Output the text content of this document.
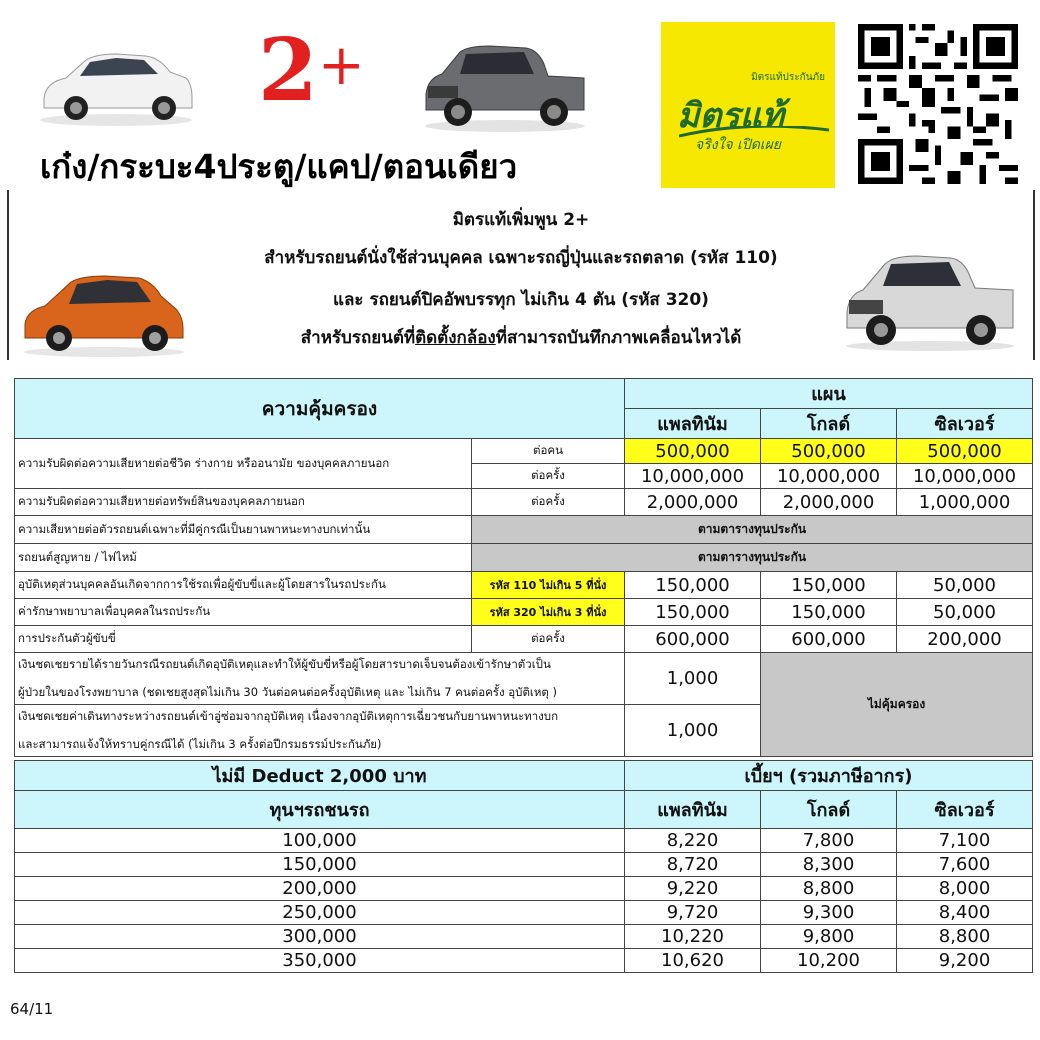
2+
เก๋ง/กระบะ4ประตู/แคป/ตอนเดียว
มิตรแท้ประกันภัย
มิตรแท้
จริงใจ เปิดเผย
มิตรแท้เพิ่มพูน 2+
สำหรับรถยนต์นั่งใช้ส่วนบุคคล เฉพาะรถญี่ปุ่นและรถตลาด (รหัส 110)
และ รถยนต์ปิคอัพบรรทุก ไม่เกิน 4 ตัน (รหัส 320)
สำหรับรถยนต์ที่ติดตั้งกล้องที่สามารถบันทึกภาพเคลื่อนไหวได้
ความคุ้มครอง		แผน		
		แพลทินัม	โกลด์	ซิลเวอร์
ความรับผิดต่อความเสียหายต่อชีวิต ร่างกาย หรืออนามัย ของบุคคลภายนอก	ต่อคน	500,000	500,000	500,000
	ต่อครั้ง	10,000,000	10,000,000	10,000,000
ความรับผิดต่อความเสียหายต่อทรัพย์สินของบุคคลภายนอก	ต่อครั้ง	2,000,000	2,000,000	1,000,000
ความเสียหายต่อตัวรถยนต์เฉพาะที่มีคู่กรณีเป็นยานพาหนะทางบกเท่านั้น	ตามตารางทุนประกัน			
รถยนต์สูญหาย / ไฟไหม้	ตามตารางทุนประกัน			
อุบัติเหตุส่วนบุคคลอันเกิดจากการใช้รถเพื่อผู้ขับขี่และผู้โดยสารในรถประกัน	รหัส 110 ไม่เกิน 5 ที่นั่ง	150,000	150,000	50,000
ค่ารักษาพยาบาลเพื่อบุคคลในรถประกัน	รหัส 320 ไม่เกิน 3 ที่นั่ง	150,000	150,000	50,000
การประกันตัวผู้ขับขี่	ต่อครั้ง	600,000	600,000	200,000

เงินชดเชยรายได้รายวันกรณีรถยนต์เกิดอุบัติเหตุและทำให้ผู้ขับขี่หรือผู้โดยสารบาดเจ็บจนต้องเข้ารักษาตัวเป็น
ผู้ป่วยในของโรงพยาบาล (ชดเชยสูงสุดไม่เกิน 30 วันต่อคนต่อครั้งอุบัติเหตุ และ ไม่เกิน 7 คนต่อครั้ง อุบัติเหตุ )		1,000	ไม่คุ้มครอง	

เงินชดเชยค่าเดินทางระหว่างรถยนต์เข้าอู่ซ่อมจากอุบัติเหตุ เนื่องจากอุบัติเหตุการเฉี่ยวชนกับยานพาหนะทางบก
และสามารถแจ้งให้ทราบคู่กรณีได้ (ไม่เกิน 3 ครั้งต่อปีกรมธรรม์ประกันภัย)		1,000		
ไม่มี Deduct 2,000 บาท	เบี้ยฯ (รวมภาษีอากร)		
ทุนฯรถชนรถ	แพลทินัม	โกลด์	ซิลเวอร์
100,000	8,220	7,800	7,100
150,000	8,720	8,300	7,600
200,000	9,220	8,800	8,000
250,000	9,720	9,300	8,400
300,000	10,220	9,800	8,800
350,000	10,620	10,200	9,200
64/11
